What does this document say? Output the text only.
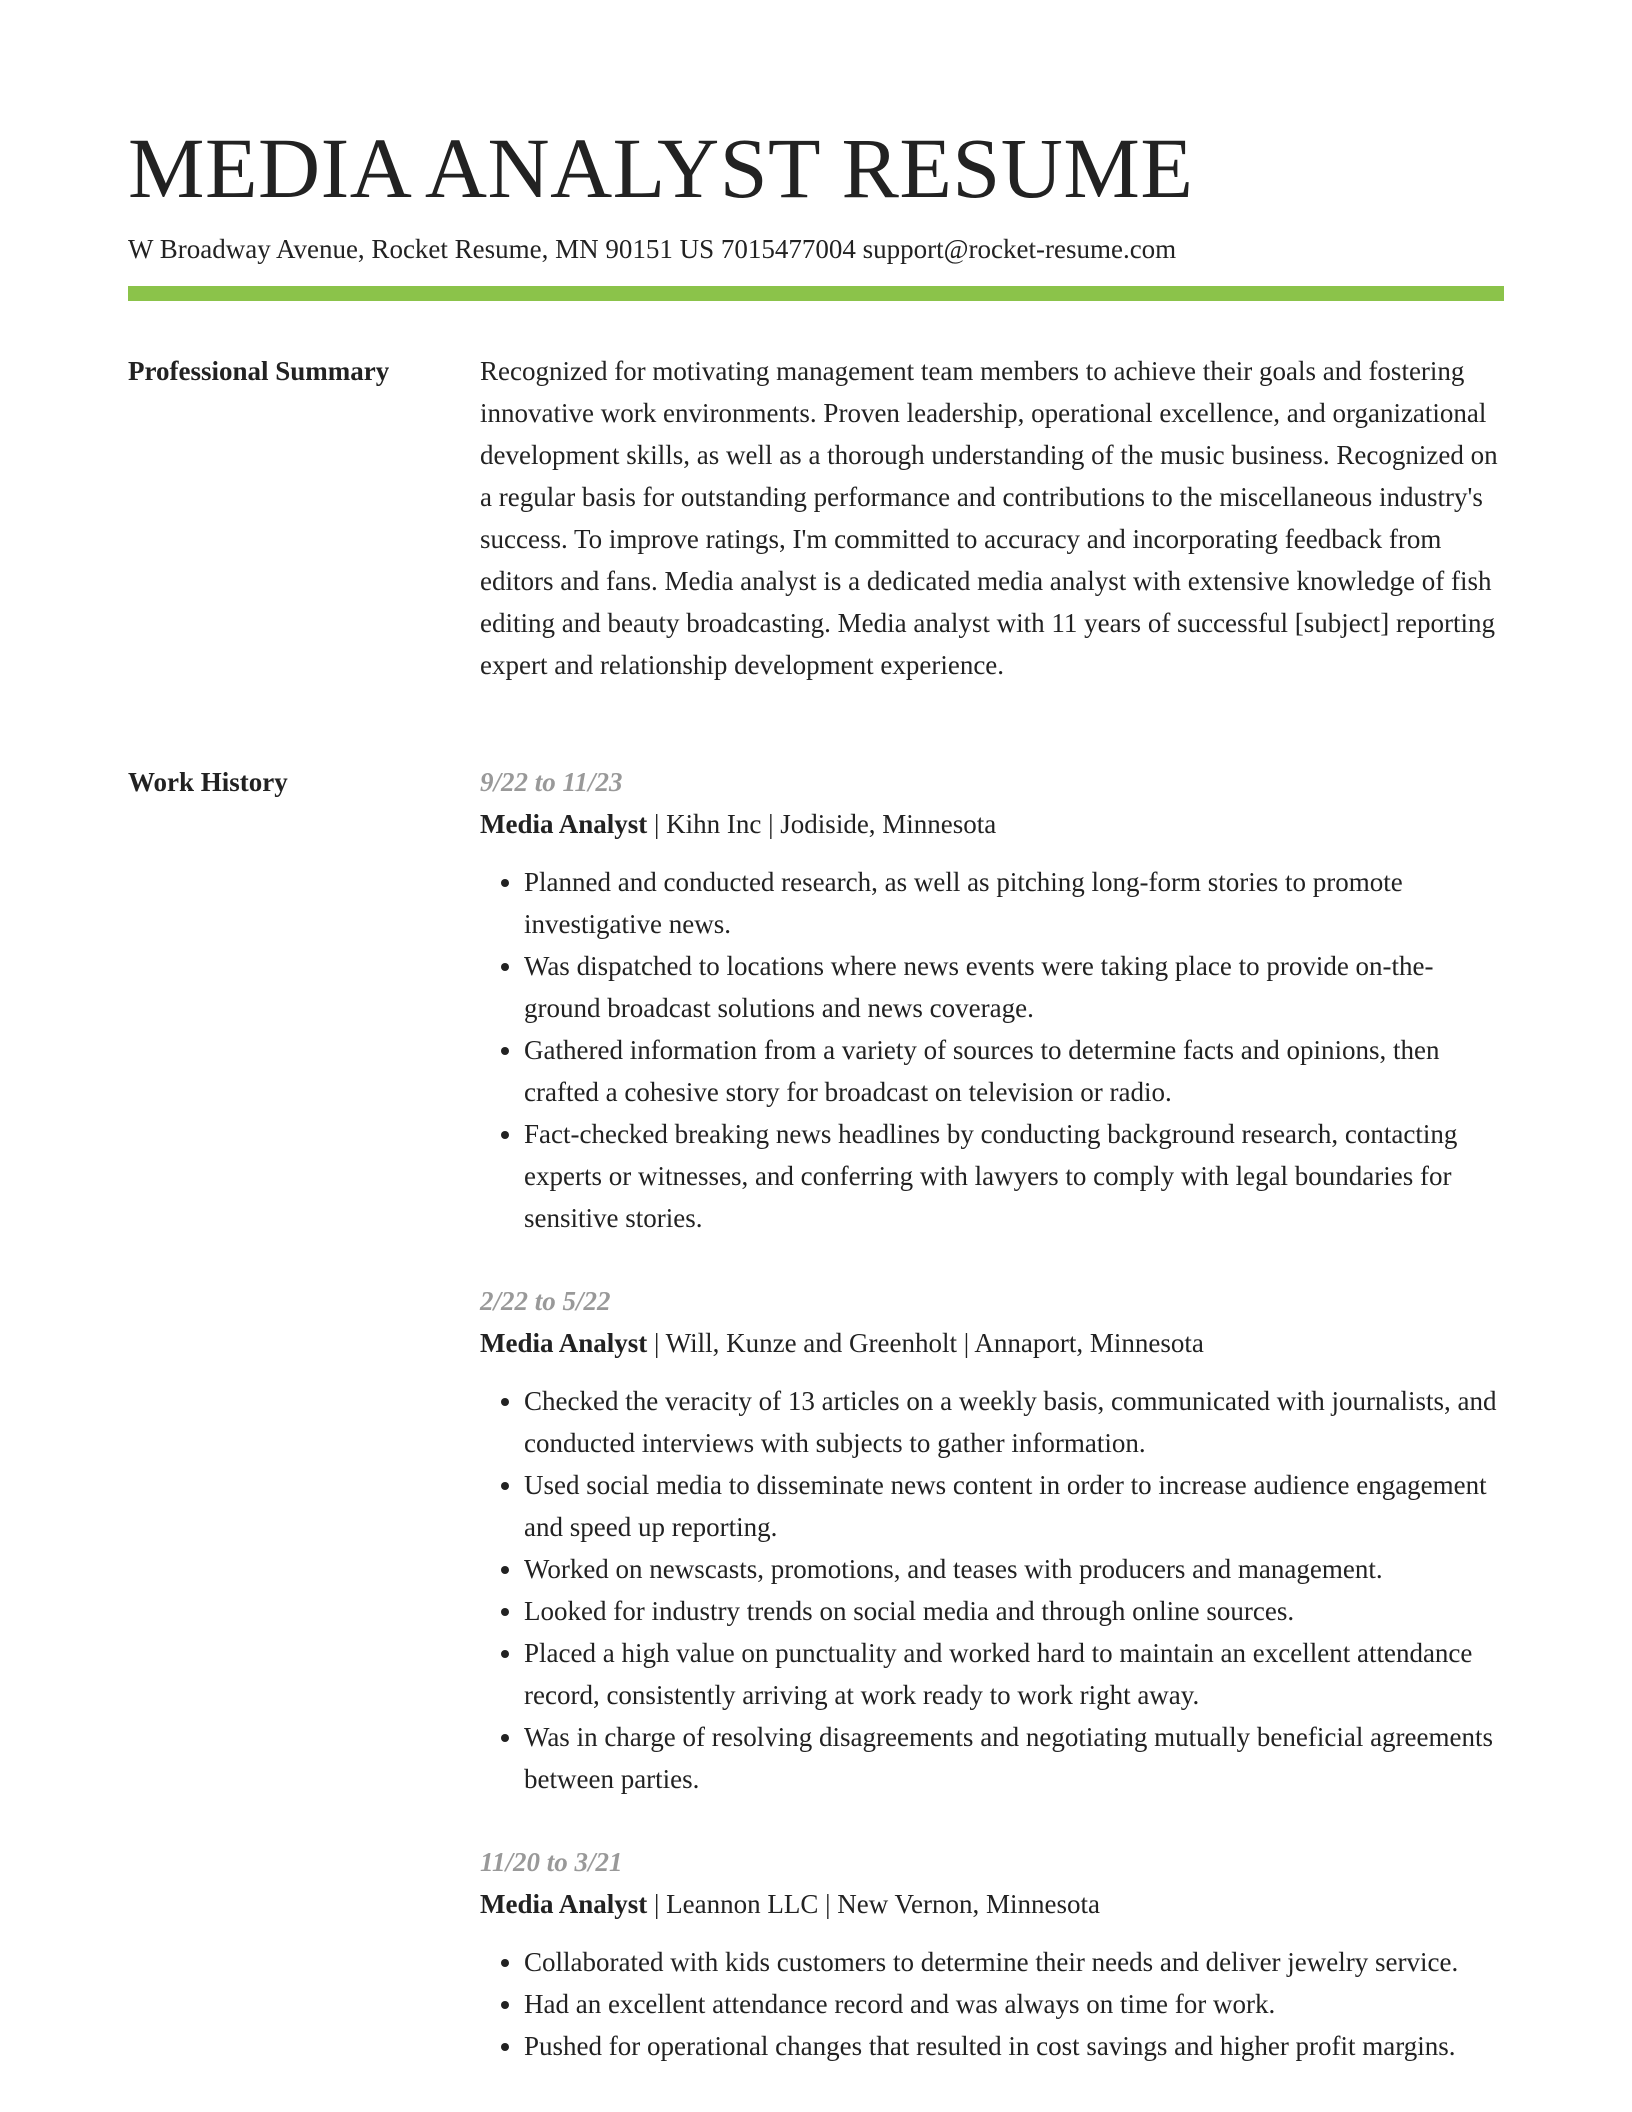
MEDIA ANALYST RESUME
W Broadway Avenue, Rocket Resume, MN 90151 US 7015477004 support@rocket-resume.com
Professional Summary	Recognized for motivating management team members to achieve their goals and fostering innovative work environments. Proven leadership, operational excellence, and organizational development skills, as well as a thorough understanding of the music business. Recognized on a regular basis for outstanding performance and contributions to the miscellaneous industry's success. To improve ratings, I'm committed to accuracy and incorporating feedback from editors and fans. Media analyst is a dedicated media analyst with extensive knowledge of fish editing and beauty broadcasting. Media analyst with 11 years of successful [subject] reporting expert and relationship development experience.

Work History	9/22 to 11/23
Media Analyst | Kihn Inc | Jodiside, Minnesota
• Planned and conducted research, as well as pitching long-form stories to promote investigative news.
• Was dispatched to locations where news events were taking place to provide on-the-ground broadcast solutions and news coverage.
• Gathered information from a variety of sources to determine facts and opinions, then crafted a cohesive story for broadcast on television or radio.
• Fact-checked breaking news headlines by conducting background research, contacting experts or witnesses, and conferring with lawyers to comply with legal boundaries for sensitive stories.
2/22 to 5/22
Media Analyst | Will, Kunze and Greenholt | Annaport, Minnesota
• Checked the veracity of 13 articles on a weekly basis, communicated with journalists, and conducted interviews with subjects to gather information.
• Used social media to disseminate news content in order to increase audience engagement and speed up reporting.
• Worked on newscasts, promotions, and teases with producers and management.
• Looked for industry trends on social media and through online sources.
• Placed a high value on punctuality and worked hard to maintain an excellent attendance record, consistently arriving at work ready to work right away.
• Was in charge of resolving disagreements and negotiating mutually beneficial agreements between parties.
11/20 to 3/21
Media Analyst | Leannon LLC | New Vernon, Minnesota
• Collaborated with kids customers to determine their needs and deliver jewelry service.
• Had an excellent attendance record and was always on time for work.
• Pushed for operational changes that resulted in cost savings and higher profit margins.
